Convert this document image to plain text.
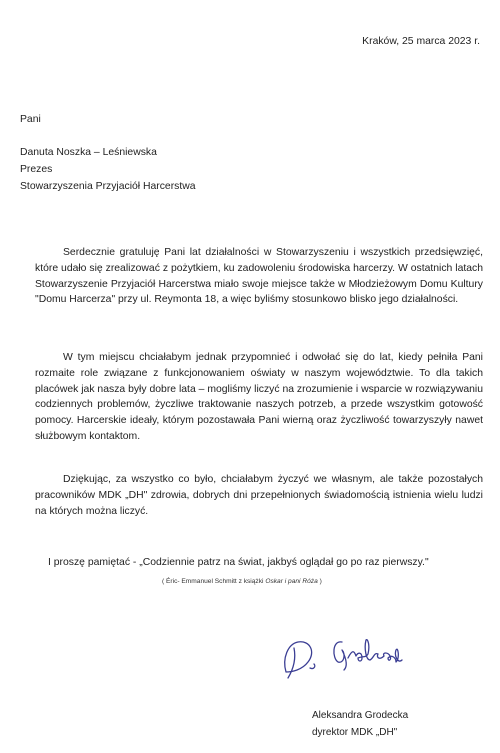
Kraków, 25 marca 2023 r.
Pani
Danuta Noszka – Leśniewska
Prezes
Stowarzyszenia Przyjaciół Harcerstwa
Serdecznie gratuluję Pani lat działalności w Stowarzyszeniu i wszystkich przedsięwzięć, które udało się zrealizować z pożytkiem, ku zadowoleniu środowiska harcerzy. W ostatnich latach Stowarzyszenie Przyjaciół Harcerstwa miało swoje miejsce także w Młodzieżowym Domu Kultury "Domu Harcerza" przy ul. Reymonta 18, a więc byliśmy stosunkowo blisko jego działalności.
W tym miejscu chciałabym jednak przypomnieć i odwołać się do lat, kiedy pełniła Pani rozmaite role związane z funkcjonowaniem oświaty w naszym województwie. To dla takich placówek jak nasza były dobre lata – mogliśmy liczyć na zrozumienie i wsparcie w rozwiązywaniu codziennych problemów, życzliwe traktowanie naszych potrzeb, a przede wszystkim gotowość pomocy. Harcerskie ideały, którym pozostawała Pani wierną oraz życzliwość towarzyszyły nawet służbowym kontaktom.
Dziękując, za wszystko co było, chciałabym życzyć we własnym, ale także pozostałych pracowników MDK „DH" zdrowia, dobrych dni przepełnionych świadomością istnienia wielu ludzi na których można liczyć.
I proszę pamiętać - „Codziennie patrz na świat, jakbyś oglądał go po raz pierwszy."
( Éric- Emmanuel Schmitt z książki Oskar i pani Róża )
Aleksandra Grodecka
dyrektor MDK „DH"
